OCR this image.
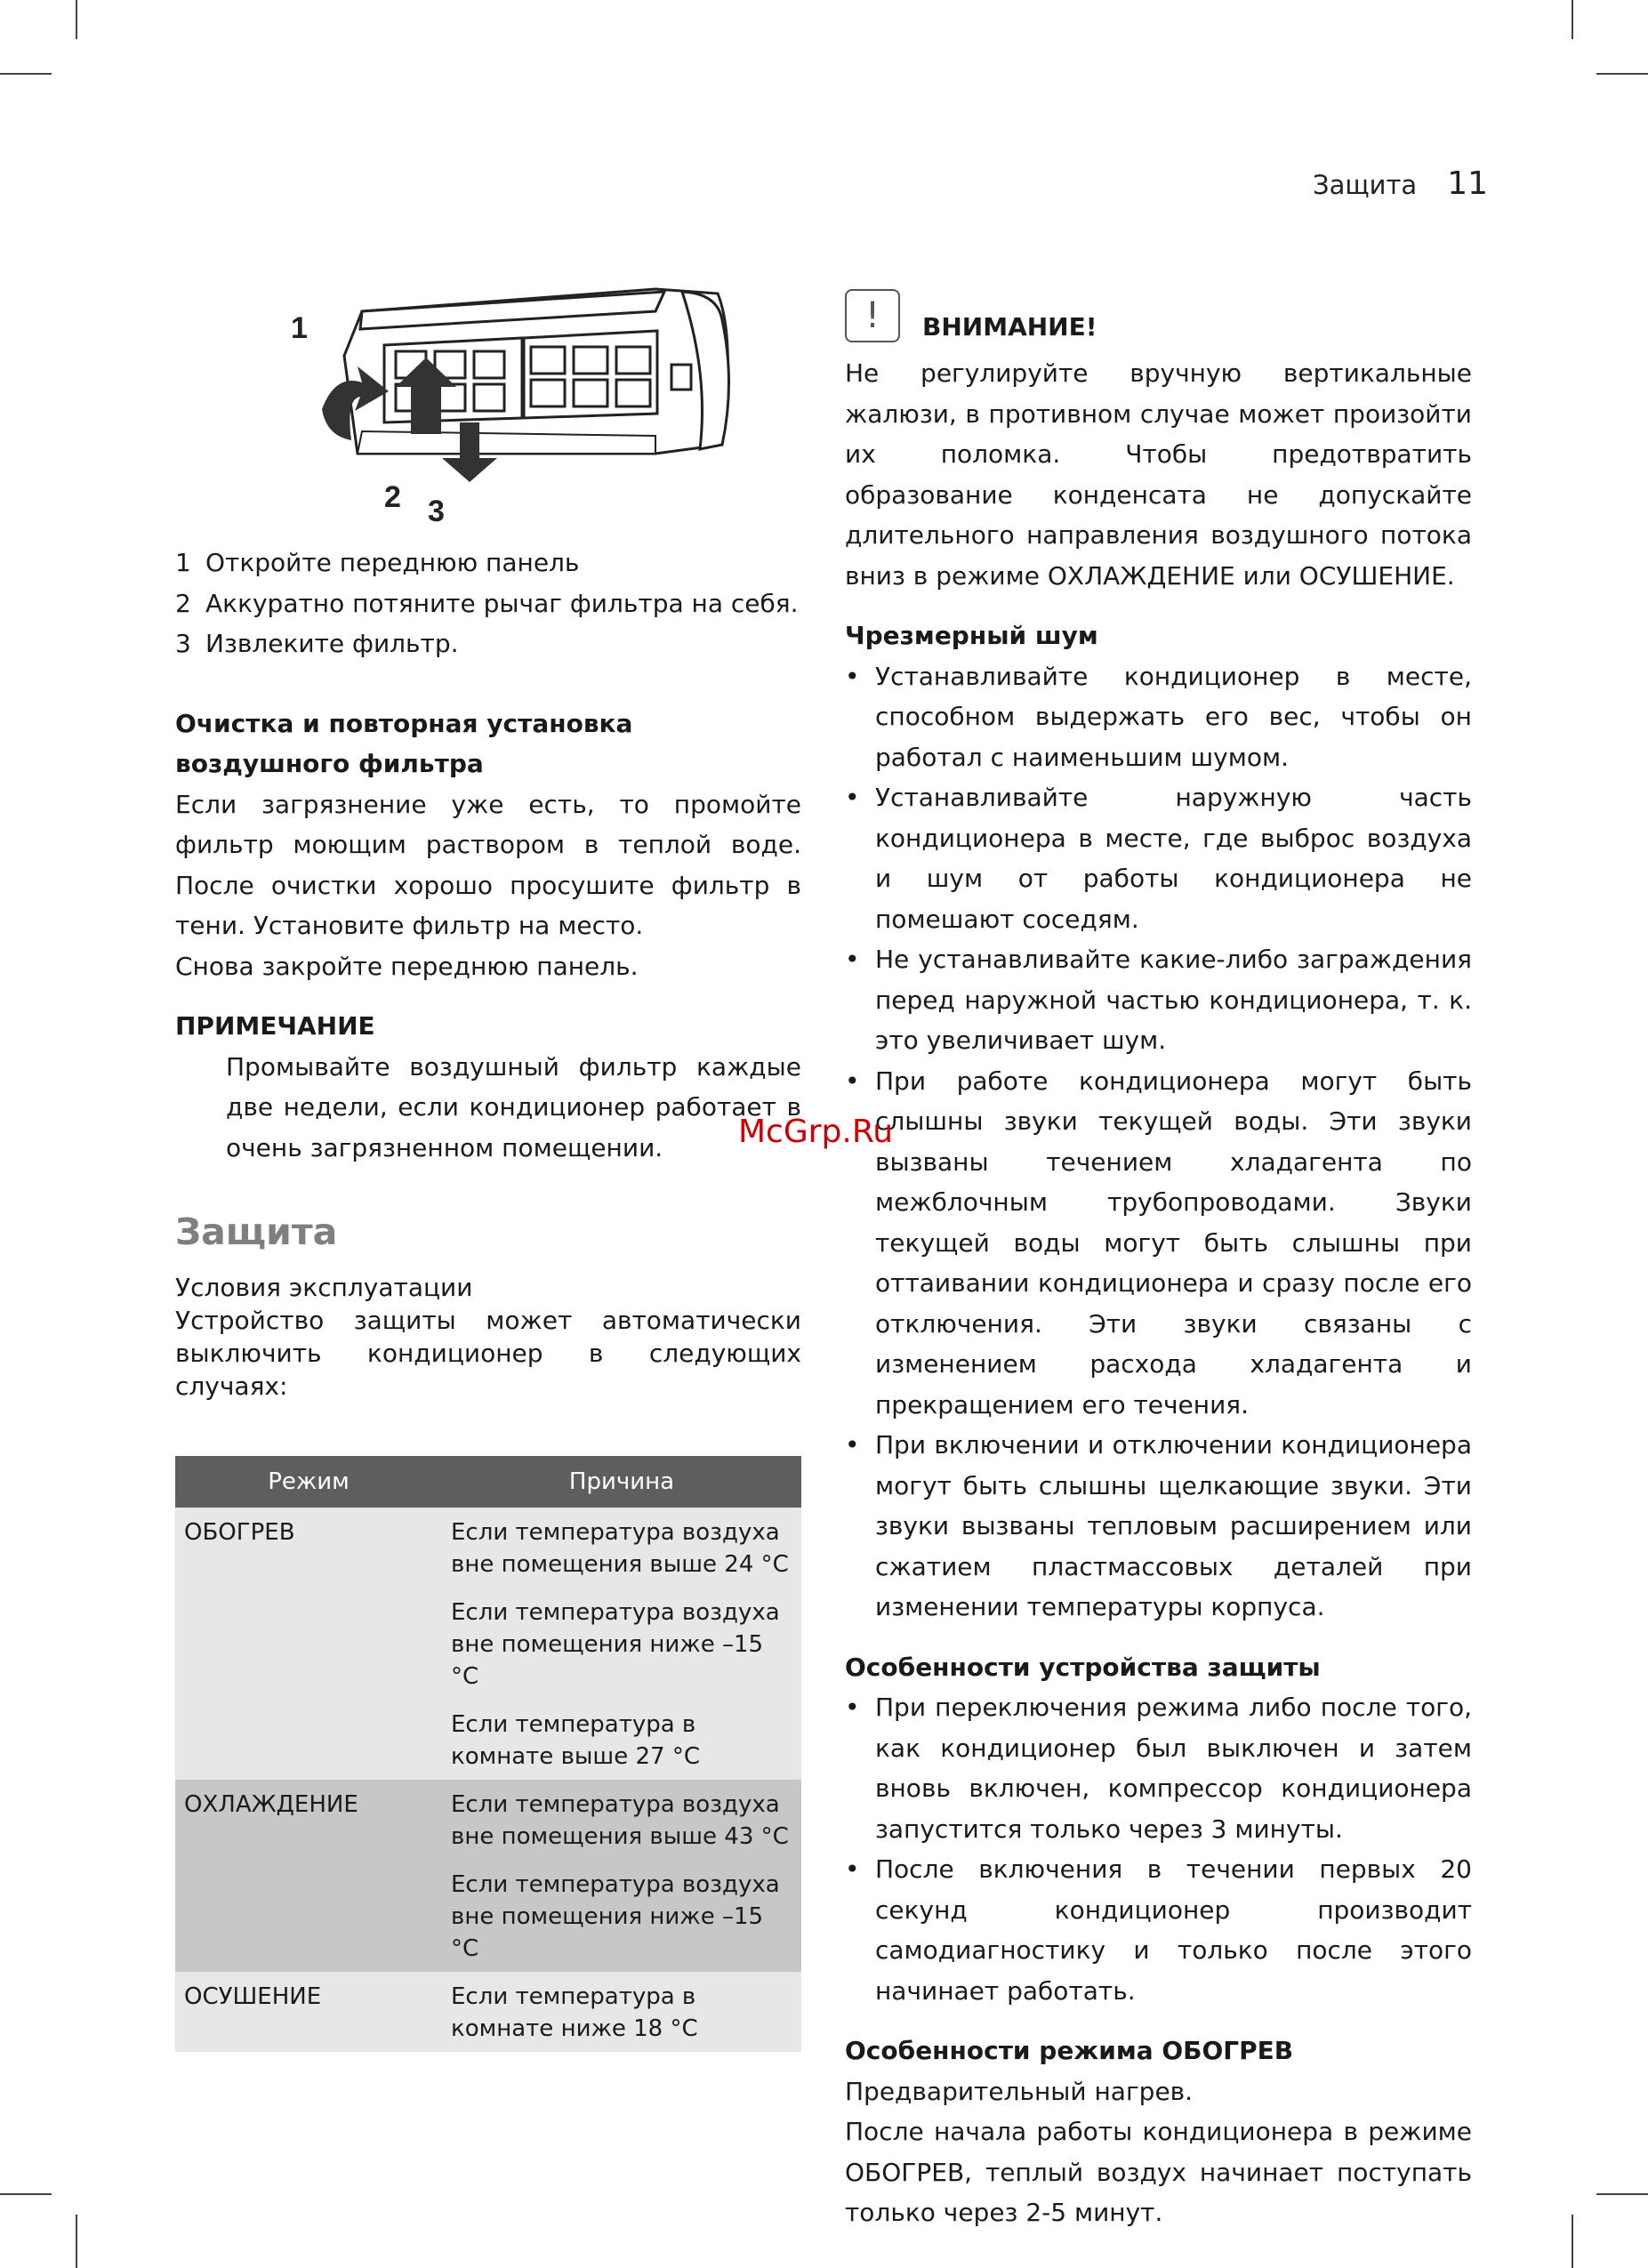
Защита 11
1
2 3
1 Откройте переднюю панель
2 Аккуратно потяните рычаг фильтра на себя.
3 Извлеките фильтр.
Очистка и повторная установка воздушного фильтра
Если загрязнение уже есть, то промойте фильтр моющим раствором в теплой воде. После очистки хорошо просушите фильтр в тени. Установите фильтр на место.
Снова закройте переднюю панель.
ПРИМЕЧАНИЕ
Промывайте воздушный фильтр каждые две недели, если кондиционер работает в очень загрязненном помещении.
Защита
Условия эксплуатации
Устройство защиты может автоматически выключить кондиционер в следующих случаях:
Режим	Причина
ОБОГРЕВ	Если температура воздуха вне помещения выше 24 °C
	Если температура воздуха вне помещения ниже –15 °C
	Если температура в комнате выше 27 °C
ОХЛАЖДЕНИЕ	Если температура воздуха вне помещения выше 43 °C
	Если температура воздуха вне помещения ниже –15 °C
ОСУШЕНИЕ	Если температура в комнате ниже 18 °C
! ВНИМАНИЕ!
Не регулируйте вручную вертикальные жалюзи, в противном случае может произойти их поломка. Чтобы предотвратить образование конденсата не допускайте длительного направления воздушного потока вниз в режиме ОХЛАЖДЕНИЕ или ОСУШЕНИЕ.
Чрезмерный шум
• Устанавливайте кондиционер в месте, способном выдержать его вес, чтобы он работал с наименьшим шумом.
• Устанавливайте наружную часть кондиционера в месте, где выброс воздуха и шум от работы кондиционера не помешают соседям.
• Не устанавливайте какие-либо заграждения перед наружной частью кондиционера, т. к. это увеличивает шум.
• При работе кондиционера могут быть слышны звуки текущей воды. Эти звуки вызваны течением хладагента по межблочным трубопроводами. Звуки текущей воды могут быть слышны при оттаивании кондиционера и сразу после его отключения. Эти звуки связаны с изменением расхода хладагента и прекращением его течения.
• При включении и отключении кондиционера могут быть слышны щелкающие звуки. Эти звуки вызваны тепловым расширением или сжатием пластмассовых деталей при изменении температуры корпуса.
Особенности устройства защиты
• При переключения режима либо после того, как кондиционер был выключен и затем вновь включен, компрессор кондиционера запустится только через 3 минуты.
• После включения в течении первых 20 секунд кондиционер производит самодиагностику и только после этого начинает работать.
Особенности режима ОБОГРЕВ
Предварительный нагрев.
После начала работы кондиционера в режиме ОБОГРЕВ, теплый воздух начинает поступать только через 2-5 минут.
McGrp.Ru
